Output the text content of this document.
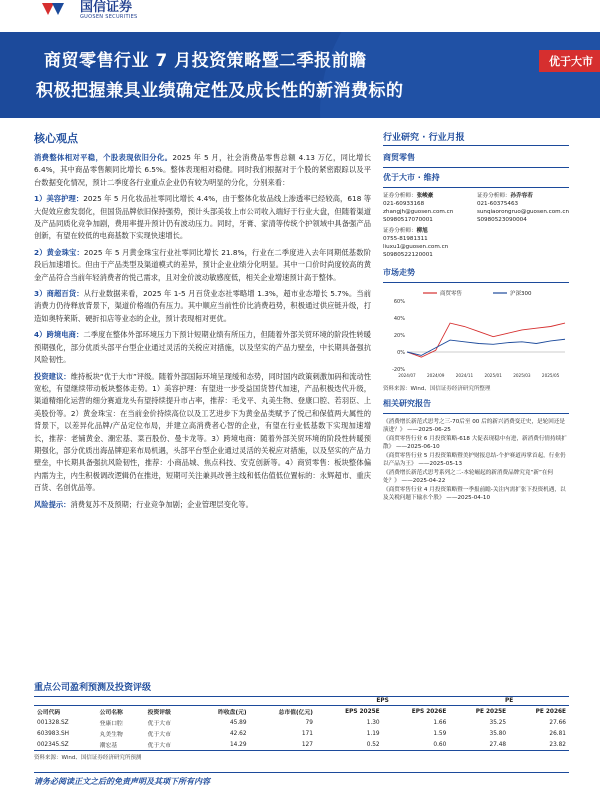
国信证券
GUOSEN SECURITIES
商贸零售行业 7 月投资策略暨二季报前瞻
积极把握兼具业绩确定性及成长性的新消费标的
优于大市
核心观点

消费整体相对平稳，个股表现依旧分化。2025 年 5 月，社会消费品零售总额 4.13 万亿，同比增长 6.4%，其中商品零售额同比增长 6.5%。整体表现相对稳健。同时我们根据对于个股的紧密跟踪以及平台数据变化情况，预计二季度各行业重点企业仍有较为明显的分化，分别来看：

1）美容护理：2025 年 5 月化妆品社零同比增长 4.4%，由于整体化妆品线上渗透率已经较高，618 等大促效应愈发弱化，但国货品牌依旧保持强势，预计头部美妆上市公司收入端好于行业大盘，但随着渠道及产品同质化竞争加剧，费用率提升预计仍有波动压力。同时，牙膏、家清等传统个护领域中具备强产品创新，有望在较低的电商基数下实现快速增长。

2）黄金珠宝：2025 年 5 月黄金珠宝行业社零同比增长 21.8%，行业在二季度进入去年同期低基数阶段后加速增长。但由于产品类型及渠道模式的差异，预计企业业绩分化明显。其中一口价时尚度较高的黄金产品符合当前年轻消费者的悦己需求，且对金价波动敏感度低，相关企业增速预计高于整体。

3）商超百货：从行业数据来看，2025 年 1-5 月百货业态社零略增 1.3%，超市业态增长 5.7%。当前消费力仍待释放背景下，渠道价格端仍有压力。其中顺应当前性价比消费趋势，积极通过供应链升级，打造如奥特莱斯、硬折扣店等业态的企业，预计表现相对更优。

4）跨境电商：二季度在整体外部环境压力下预计短期业绩有所压力，但随着外部关贸环境的阶段性转暖预期强化，部分优质头部平台型企业通过灵活的关税应对措施，以及坚实的产品力壁垒，中长期具备强抗风险韧性。

投资建议：维持板块“优于大市”评级。随着外部国际环境呈现缓和态势，同时国内政策刺激加码和流动性宽松，有望继续带动板块整体走势。1）美容护理：有望进一步受益国货替代加速，产品积极迭代升级，渠道精细化运营的细分赛道龙头有望持续提升市占率，推荐：毛戈平、丸美生物、登康口腔、若羽臣、上美股份等。2）黄金珠宝：在当前金价持续高位以及工艺进步下为黄金品类赋予了悦己和保值两大属性的背景下，以差异化品牌/产品定位布局，并建立高消费者心智的企业，有望在行业低基数下实现加速增长，推荐：老铺黄金、潮宏基、菜百股份、曼卡龙等。3）跨境电商：随着外部关贸环境的阶段性转暖预期强化，部分优质出海品牌迎来布局机遇，头部平台型企业通过灵活的关税应对措施，以及坚实的产品力壁垒，中长期具备强抗风险韧性，推荐：小商品城、焦点科技、安克创新等。4）商贸零售：板块整体偏内需为主，内生积极调改逻辑仍在推进，短期可关注兼具改善主线和低估值低位置标的：永辉超市、重庆百货、名创优品等。

风险提示：消费复苏不及预期；行业竞争加剧；企业管理层变化等。

行业研究 · 行业月报
商贸零售
优于大市 · 维持
证券分析师：张峻豪
021-60933168
zhangjh@guosen.com.cn
S0980517070001
证券分析师：孙乔容若
021-60375463
sunqiaorongruo@guosen.com.cn
S0980523090004
证券分析师：柳旭
0755-81981311
liuxu1@guosen.com.cn
S0980522120001
市场走势
60%
40%
20%
0%
-20%
商贸零售	沪深300
2024/07	2024/09	2024/11	2025/01	2025/03	2025/05
资料来源：Wind、国信证券经济研究所整理
相关研究报告
《消费增长新范式思考之三-70后至 00 后的新兴消费变迁史，是轮回还是演进？》 ——2025-06-25
《商贸零售行业 6 月投资策略-618 大促表现稳中有进，新消费行情持续扩散》 ——2025-06-10
《商贸零售行业 5 月投资策略暨美护财报总结-个护赛道再掌首起，行业仍以产品为王》 ——2025-05-13
《消费增长新范式思考系列之二-本轮崛起的新消费品牌究竟“新”在何处？》 ——2025-04-22
《商贸零售行业 4 月投资策略暨一季报前瞻-关注内需扩张下投资机遇，以及关税问题下输水个股》 ——2025-04-10
重点公司盈利预测及投资评级
					EPS		PE	
公司代码	公司名称	投资评级	昨收盘(元)	总市值(亿元)	EPS 2025E	EPS 2026E	PE 2025E	PE 2026E
001328.SZ	登康口腔	优于大市	45.89	79	1.30	1.66	35.25	27.66
603983.SH	丸美生物	优于大市	42.62	171	1.19	1.59	35.80	26.81
002345.SZ	潮宏基	优于大市	14.29	127	0.52	0.60	27.48	23.82
资料来源：Wind、国信证券经济研究所预测
请务必阅读正文之后的免责声明及其项下所有内容
